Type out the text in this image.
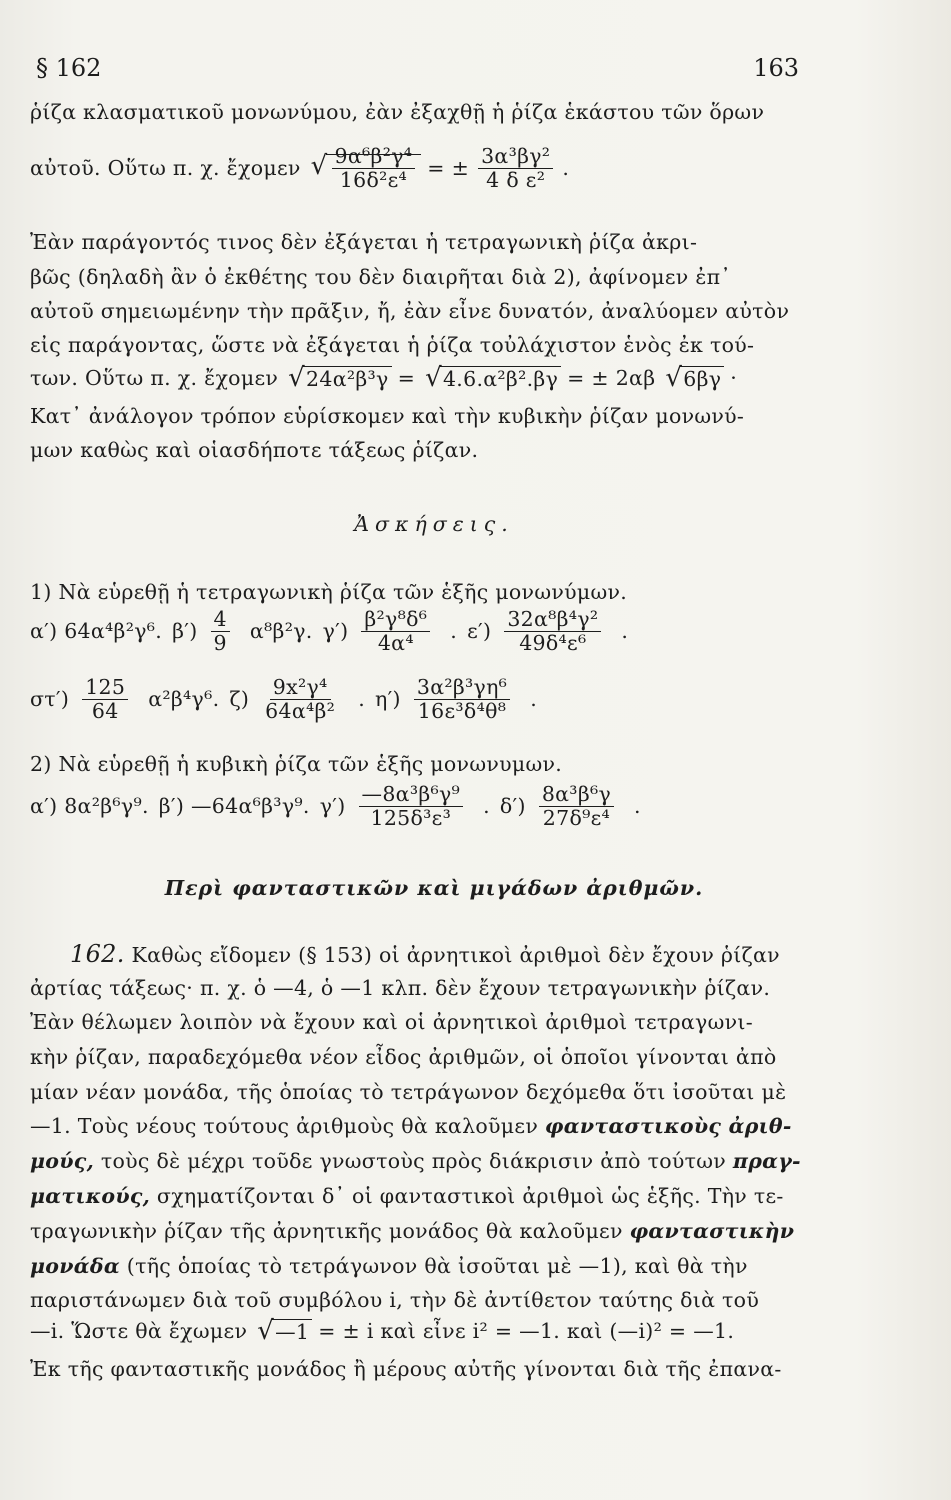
§ 162	163
ῥίζα κλασματικοῦ μονωνύμου, ἐὰν ἐξαχθῇ ἡ ῥίζα ἑκάστου τῶν ὅρων
αὐτοῦ. Οὕτω π. χ. ἔχομεν √ $\frac{\text{9α⁶β²γ⁴}}{\text{16δ²ε⁴}}$ = ± $\frac{\text{3α³βγ²}}{\text{4 δ ε²}}$ .
Ἐὰν παράγοντός τινος δὲν ἐξάγεται ἡ τετραγωνικὴ ῥίζα ἀκρι-
βῶς (δηλαδὴ ἂν ὁ ἐκθέτης του δὲν διαιρῆται διὰ 2), ἀφίνομεν ἐπ᾽
αὐτοῦ σημειωμένην τὴν πρᾶξιν, ἤ, ἐὰν εἶνε δυνατόν, ἀναλύομεν αὐτὸν
εἰς παράγοντας, ὥστε νὰ ἐξάγεται ἡ ῥίζα τοὐλάχιστον ἑνὸς ἐκ τού-
των. Οὕτω π. χ. ἔχομεν √24α²β³γ = √4.6.α²β².βγ = ± 2αβ √6βγ ·
Κατ᾽ ἀνάλογον τρόπον εὑρίσκομεν καὶ τὴν κυβικὴν ῥίζαν μονωνύ-
μων καθὼς καὶ οἱασδήποτε τάξεως ῥίζαν.
Ἀσκήσεις.
1) Νὰ εὑρεθῇ ἡ τετραγωνικὴ ῥίζα τῶν ἑξῆς μονωνύμων.
α′) 64α⁴β²γ⁶. $\beta') \frac{4}{9} \alpha^8\beta^2\gamma$. $\gamma') \frac{\text{β²γ⁸δ⁶}}{\text{4α⁴}}$ . $\varepsilon') \frac{\text{32α⁸β⁴γ²}}{\text{49δ⁴ε⁶}}$ .
$\sigma\tau') \frac{125}{64} \alpha^2\beta^4\gamma^6$. $\zeta) \frac{\text{9x²γ⁴}}{\text{64α⁴β²}}$ . $\eta') \frac{\text{3α²β³γη⁶}}{\text{16ε³δ⁴θ⁸}}$ .
2) Νὰ εὑρεθῇ ἡ κυβικὴ ῥίζα τῶν ἑξῆς μονωνυμων.
α′) 8α²β⁶γ⁹. β′) —64α⁶β³γ⁹. $\gamma') \frac{\text{—8α³β⁶γ⁹}}{\text{125δ³ε³}}$ . $\delta') \frac{\text{8α³β⁶γ}}{\text{27δ⁹ε⁴}}$ .
Περὶ φανταστικῶν καὶ μιγάδων ἀριθμῶν.
162. Καθὼς εἴδομεν (§ 153) οἱ ἀρνητικοὶ ἀριθμοὶ δὲν ἔχουν ῥίζαν
ἀρτίας τάξεως· π. χ. ὁ —4, ὁ —1 κλπ. δὲν ἔχουν τετραγωνικὴν ῥίζαν.
Ἐὰν θέλωμεν λοιπὸν νὰ ἔχουν καὶ οἱ ἀρνητικοὶ ἀριθμοὶ τετραγωνι-
κὴν ῥίζαν, παραδεχόμεθα νέον εἶδος ἀριθμῶν, οἱ ὁποῖοι γίνονται ἀπὸ
μίαν νέαν μονάδα, τῆς ὁποίας τὸ τετράγωνον δεχόμεθα ὅτι ἰσοῦται μὲ
—1. Τοὺς νέους τούτους ἀριθμοὺς θὰ καλοῦμεν φανταστικοὺς ἀριθ-
μούς, τοὺς δὲ μέχρι τοῦδε γνωστοὺς πρὸς διάκρισιν ἀπὸ τούτων πραγ-
ματικούς, σχηματίζονται δ᾽ οἱ φανταστικοὶ ἀριθμοὶ ὡς ἑξῆς. Τὴν τε-
τραγωνικὴν ῥίζαν τῆς ἀρνητικῆς μονάδος θὰ καλοῦμεν φανταστικὴν
μονάδα (τῆς ὁποίας τὸ τετράγωνον θὰ ἰσοῦται μὲ —1), καὶ θὰ τὴν
παριστάνωμεν διὰ τοῦ συμβόλου i, τὴν δὲ ἀντίθετον ταύτης διὰ τοῦ
—i. Ὥστε θὰ ἔχωμεν √—1 = ± i καὶ εἶνε i² = —1. καὶ (—i)² = —1.
Ἐκ τῆς φανταστικῆς μονάδος ἢ μέρους αὐτῆς γίνονται διὰ τῆς ἐπανα-
